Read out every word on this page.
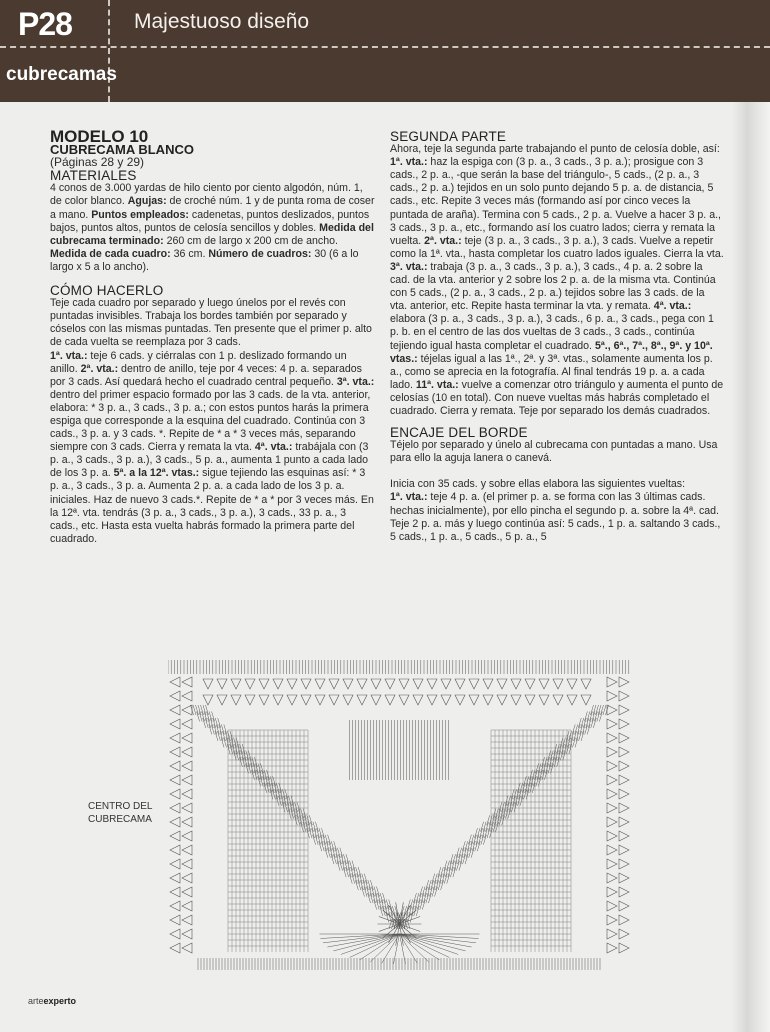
P28	Majestuoso diseño
cubrecamas

MODELO 10

CUBRECAMA BLANCO

(Páginas 28 y 29)

MATERIALES

4 conos de 3.000 yardas de hilo ciento por ciento algodón, núm. 1, de color blanco. Agujas: de croché núm. 1 y de punta roma de coser a mano. Puntos empleados: cadenetas, puntos deslizados, puntos bajos, puntos altos, puntos de celosía sencillos y dobles. Medida del cubrecama terminado: 260 cm de largo x 200 cm de ancho. Medida de cada cuadro: 36 cm. Número de cuadros: 30 (6 a lo largo x 5 a lo ancho).

CÓMO HACERLO

Teje cada cuadro por separado y luego únelos por el revés con puntadas invisibles. Trabaja los bordes también por separado y cóselos con las mismas puntadas. Ten presente que el primer p. alto de cada vuelta se reemplaza por 3 cads.
1ª. vta.: teje 6 cads. y ciérralas con 1 p. deslizado formando un anillo. 2ª. vta.: dentro de anillo, teje por 4 veces: 4 p. a. separados por 3 cads. Así quedará hecho el cuadrado central pequeño. 3ª. vta.: dentro del primer espacio formado por las 3 cads. de la vta. anterior, elabora: * 3 p. a., 3 cads., 3 p. a.; con estos puntos harás la primera espiga que corresponde a la esquina del cuadrado. Continúa con 3 cads., 3 p. a. y 3 cads. *. Repite de * a * 3 veces más, separando siempre con 3 cads. Cierra y remata la vta. 4ª. vta.: trabájala con (3 p. a., 3 cads., 3 p. a.), 3 cads., 5 p. a., aumenta 1 punto a cada lado de los 3 p. a. 5ª. a la 12ª. vtas.: sigue tejiendo las esquinas así: * 3 p. a., 3 cads., 3 p. a. Aumenta 2 p. a. a cada lado de los 3 p. a. iniciales. Haz de nuevo 3 cads.*. Repite de * a * por 3 veces más. En la 12ª. vta. tendrás (3 p. a., 3 cads., 3 p. a.), 3 cads., 33 p. a., 3 cads., etc. Hasta esta vuelta habrás formado la primera parte del cuadrado.

SEGUNDA PARTE

Ahora, teje la segunda parte trabajando el punto de celosía doble, así:
1ª. vta.: haz la espiga con (3 p. a., 3 cads., 3 p. a.); prosigue con 3 cads., 2 p. a., -que serán la base del triángulo-, 5 cads., (2 p. a., 3 cads., 2 p. a.) tejidos en un solo punto dejando 5 p. a. de distancia, 5 cads., etc. Repite 3 veces más (formando así por cinco veces la puntada de araña). Termina con 5 cads., 2 p. a. Vuelve a hacer 3 p. a., 3 cads., 3 p. a., etc., formando así los cuatro lados; cierra y remata la vuelta. 2ª. vta.: teje (3 p. a., 3 cads., 3 p. a.), 3 cads. Vuelve a repetir como la 1ª. vta., hasta completar los cuatro lados iguales. Cierra la vta. 3ª. vta.: trabaja (3 p. a., 3 cads., 3 p. a.), 3 cads., 4 p. a. 2 sobre la cad. de la vta. anterior y 2 sobre los 2 p. a. de la misma vta. Continúa con 5 cads., (2 p. a., 3 cads., 2 p. a.) tejidos sobre las 3 cads. de la vta. anterior, etc. Repite hasta terminar la vta. y remata. 4ª. vta.: elabora (3 p. a., 3 cads., 3 p. a.), 3 cads., 6 p. a., 3 cads., pega con 1 p. b. en el centro de las dos vueltas de 3 cads., 3 cads., continúa tejiendo igual hasta completar el cuadrado. 5ª., 6ª., 7ª., 8ª., 9ª. y 10ª. vtas.: téjelas igual a las 1ª., 2ª. y 3ª. vtas., solamente aumenta los p. a., como se aprecia en la fotografía. Al final tendrás 19 p. a. a cada lado. 11ª. vta.: vuelve a comenzar otro triángulo y aumenta el punto de celosías (10 en total). Con nueve vueltas más habrás completado el cuadrado. Cierra y remata. Teje por separado los demás cuadrados.

ENCAJE DEL BORDE

Téjelo por separado y únelo al cubrecama con puntadas a mano. Usa para ello la aguja lanera o canevá.

Inicia con 35 cads. y sobre ellas elabora las siguientes vueltas:
1ª. vta.: teje 4 p. a. (el primer p. a. se forma con las 3 últimas cads. hechas inicialmente), por ello pincha el segundo p. a. sobre la 4ª. cad. Teje 2 p. a. más y luego continúa así: 5 cads., 1 p. a. saltando 3 cads., 5 cads., 1 p. a., 5 cads., 5 p. a., 5

CENTRO DEL
CUBRECAMA
arteexperto
